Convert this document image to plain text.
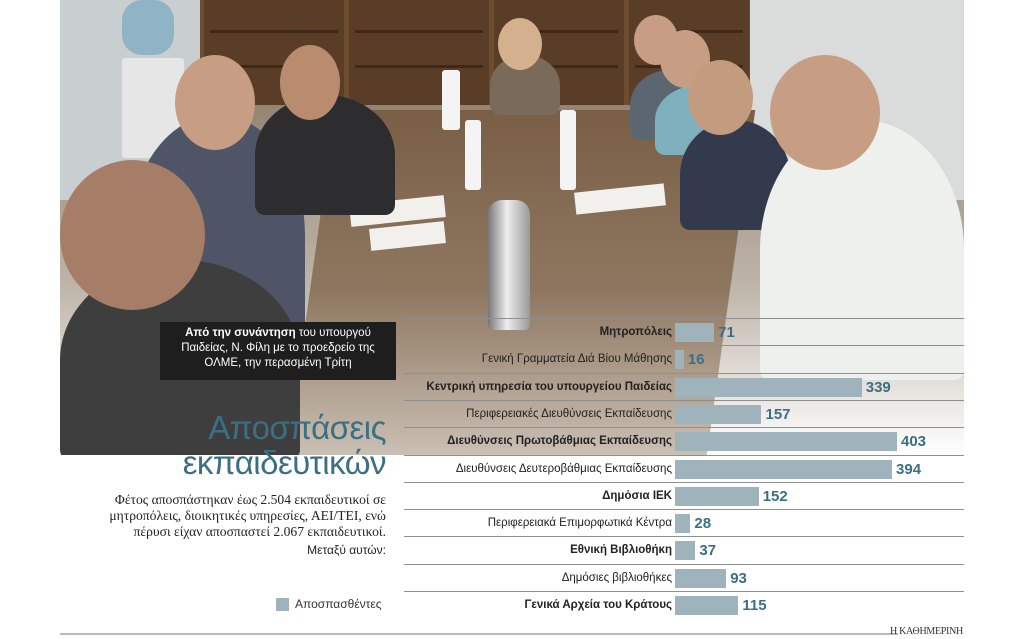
Από την συνάντηση του υπουργού Παιδείας, Ν. Φίλη με το προεδρείο της ΟΛΜΕ, την περασμένη Τρίτη
Αποσπάσεις
εκπαιδευτικών
Φέτος αποσπάστηκαν έως 2.504 εκπαιδευτικοί σε μητροπόλεις, διοικητικές υπηρεσίες, ΑΕΙ/ΤΕΙ, ενώ πέρυσι είχαν αποσπαστεί 2.067 εκπαιδευτικοί.
Μεταξύ αυτών:
Αποσπασθέντες
Μητροπόλεις	71
Γενική Γραμματεία Διά Βίου Μάθησης 16
Κεντρική υπηρεσία του υπουργείου Παιδείας	339
Περιφερειακές Διευθύνσεις Εκπαίδευσης	157
Διευθύνσεις Πρωτοβάθμιας Εκπαίδευσης	403
Διευθύνσεις Δευτεροβάθμιας Εκπαίδευσης	394
Δημόσια ΙΕΚ	152
Περιφερειακά Επιμορφωτικά Κέντρα 28
Εθνική Βιβλιοθήκη 37
Δημόσιες βιβλιοθήκες	93
Γενικά Αρχεία του Κράτους	115
Η ΚΑΘΗΜΕΡΙΝΗ
